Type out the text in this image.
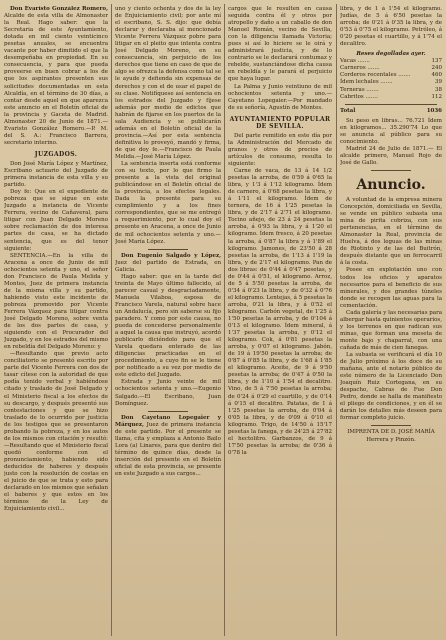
Don Evaristo González Romero, Alcalde de esta villa de Almonaster la Real. Hago saber: que la Secretaria de este Ayuntamiento, dotada en mil ciento veinticinco pesetas anuales, se encuentra vacante por haber dimitido el que la desempeñaba en propiedad. En su consecuencia, y para que pueda proveerse en buen cobrar a los de que los aspirantes presenten sus solicitudes documentadas en esta Alcaldía, en el término de 30 días, a contar desde aquel en que aparezca este anuncio en el Boletín oficial de la provincia y Gaceta de Madrid. Almonaster 20 de Junio de 1871.— Evaristo González Romero.—P. M. del S. A.: Francisco Barrera, secretario interino.

JUZGADOS.

Don José María López y Martínez, Escribano actuario del Juzgado de primera instancia de esta villa y su partido.

Doy fe: Que en el expediente de pobreza que se sigue en este Juzgado a instancia de Vicente Ferrera, vecino de Cañaveral, para litigar con Juan Delgado Moreno sobre reclamación de dos interesa partes de casa, se ha dictado sentencia, que es del tenor siguiente:

SENTENCIA.—En la villa de Aracena a once de Junio de mil ochocientos setenta y uno, el señor don Francisco de Paula Melida y Montes, Juez de primera instancia de la misma villa y su partido, habiendo visto este incidente de pobreza promovido por Vicente Ferrera Vázquez para litigar contra José Delgado Moreno, sobre venta de los dos partes de casa, y siguiendo con el Procurador del Juzgado, y en los estrados del mismo en rebeldía del Delgado Moreno: y

—Resultando que previo acto conciliatorio se presentó escrito por parte del Vicente Ferrera con dos de tasar cítese con la autoridad de que podía tenido verbal y habiéndose citado y traslado de José Delgado y el Ministerio fiscal a los efectos de su descargo, y después presentó sus contestaciones y que se hizo traslado de lo ocurrido por justicia de los testigos que se presentaron probando la pobreza, y en los autos de los mismos con citación y resultó: —Resultando que el Ministerio fiscal quedó conforme con el pronunciamiento, habiendo sido deducidos de haberes y después justo con la resolución de costas en el juicio de que se trata y esto para declarado en los mismos que señalan el haberes y que estos en los términos de la Ley de Enjuiciamiento civil...

uno y ciento ochenta y dos de la ley de Enjuiciamiento civil; por ante mí el escribano, S. S. dijo: que debía declarar y declaraba al mencionado Vicente Ferrera Vázquez pobre para litigar en el pleito que intenta contra José Delgado Moreno, en su consecuencia, sin perjuicio de los derechos que tiene en caso de que de algo se ofrezca la defensa como tal se le ayude y defienda sin expensas de derechos y con el de usar el papel de su clase. Notifíquese así sentencia en los estrados del Juzgado y fíjese además por medio de edictos que habrán de fijarse en los puertos de la sala Audiencia y se publicarán además en el Boletín oficial de la provincia.—Así por esta sentencia definitiva lo proveyó, mandó y firma, de que doy fe.—Francisco de Paula Melida.—José María López.

La sentencia inserta está conforme con su texto, por lo que firmo la presente a la vista del original publicándose en el Boletín oficial de la provincia, a los efectos legales. Dada la presente para su cumplimiento y a los fines correspondientes, que se me entregó a requerimiento, por lo cual doy el presente en Aracena, a once de Junio de mil ochocientos setenta y uno.—José María López.

Don Eugenio Salgado y López, Juez del partido de Estrada, en Galicia.

Hago saber: que en la tarde del treinta de Mayo último fallecido, al parecer casual y desgraciadamente, Manuela Vilaboa, esposa de Francisco Varela, natural sobre hace un Andalucía, pero sin saberse su fijo paradero. Y como por este causa, no pueda de concederse personalmente a aquel la causa que instruyó, acordó publicarlo diciéndolo para que el Varela quedara enterado de las diligencias practicadas en el procedimiento, a cuyo fin se le tiene por notificado a su vez por medio de este edicto del Juzgado.

Estrada y Junio veinte de mil ochocientos setenta y uno.—Eugenio Salgado.—El Escribano, Juan Domínguez.

Don Cayetano Lopegaier y Márquez, Juez de primera instancia de este partido. Por el presente se llama, cita y emplaza a Antonio Bailo Lora (a) Linares, para que dentro del término de quince días, desde la inserción del presente en el Boletín oficial de esta provincia, se presente en este Juzgado a sus cargos...

cargos que le resulten en causa seguida contra él y otros por atropello y daño a un caballo de don Manuel Román, vecino de Sevilla, con la diligencia llamada Victoria; pues si así lo hiciere se le oirá y administrará justicia, y de lo contrario se le declarará contumaz y rebelde, sustanciándose dicha causa en rebeldía y le parará el perjuicio que haya lugar.

La Palma y Junio veintiuno de mil ochocientos setenta y uno.—Cayetano Lopegaier.—Por mandado de su señoría, Agustín de Montes.

AYUNTAMIENTO POPULAR DE SEVILLA.

Del parte remitido en este día por la Administración del Mercado de granos y otros de precios de artículos de consumo, resulta lo siguiente:

Carne de vaca, de 13 á 14 1/2 pesetas la arroba, de 0'59 á 0'65 la libra, y 1'3 á 1'12 kilogramo. Ídem de carnero, á 0'68 pesetas la libra, y á 1'11 el kilogramo. Ídem de ternera, de 16 á 1'25 pesetas la libra, y de 2'17 á 2'71 el kilogramo. Tocino añejo, de 23 á 24 pesetas la arroba, á 0'93 la libra, y á 1'20 el kilogramo. Ídem fresco, á 20 pesetas la arroba, á 0'87 la libra y á 1'89 el kilogramo. Jamones, de 23'50 á 28 pesetas la arroba, de 1'13 á 1'19 la libra, y de 2'17 el kilogramo. Pan de dos libras: de 0'44 á 0'47 pesetas, y de 0'44 á 0'51, el kilogramo. Arroz, de 5 á 5'50 pesetas la arroba, de 0'34 á 0'23 la libra, y de 0'32 á 0'76 el kilogramo. Lentejas, á 5 pesetas la arroba, 0'21 la libra, y á 0'52 el kilogramo. Carbón vegetal, de 1'25 á 1'50 pesetas la arroba, y de 0'104 á 0'13 el kilogramo. Ídem mineral, á 1'37 pesetas la arroba, y 0'12 el kilogramo. Cok, á 0'81 pesetas la arroba, y 0'07 el kilogramo. Jabón, de 19 á 19'50 pesetas la arroba; de 0'87 á 0'85 la libra, y de 1'68 á 1'85 el kilogramo. Aceite, de 9 á 9'50 pesetas la arroba; de 0'47 á 0'50 la libra, y de 1'10 á 1'54 el decalitro. Vino, de 5 á 7'50 pesetas la arroba; de 0'24 á 0'29 el cuartillo, y de 0'14 á 0'15 el decalitro. Patatas, de 1 á 1'25 pesetas la arroba, de 0'04 á 0'05 la libra, y de 0'09 á 0'10 el kilogramo. Trigo, de 14'50 á 15'17 pesetas la fanega, y de 24'25 á 27'82 el hectolitro. Garbanzos, de 9 á 17'50 pesetas la arroba; de 0'36 á 0'78 la

libra, y de 1 á 1'54 el kilogramo. Judías, de 5 á 6'50 pesetas la arroba; de 0'21 á 0'35 la libra, y de 0'53 á 0'75 el kilogramo. Petróleo, á 0'20 pesetas el cuartillo, y á 1'74 el decalitro.

Reses degolladas ayer.
Vacas .......	137
Carneros .......	240
Corderos recentales .......	460
Ídem lechales .......	39
Terneras .......	38
Cabritos .......	112
Total	1036

Su peso en libras... 76.721 Ídem en kilogramos... 35.290'74 Lo que se anuncia al público para su conocimiento.

Madrid 24 de Julio de 1871.— El alcalde primero, Manuel Rojo de José de Gallo.

Anuncio.

A voluntad de la empresa minera Concepción, domiciliada en Sevilla, se vende en público subasta una mina de pirita cobriza, con sus pertenencias, en el término de Almonaster la Real, provincia de Huelva, á dos leguas de las minas de Riotinto y de las del Buitrón, después distante que un ferrocarril á la costa.

Posee en explotación uno con todos los oficios y aparatos necesarios para el beneficio de sus minerales, y dos grandes túneles donde se recogen las aguas para la cementación.

Cada galería y las necesarias para albergar hasta quinientos operarios, y los terrenos en que radican sus minas, que forman una meseta de monte bajo y chaparral, con una cañada de más de cien fanegas.

La subasta se verificará el día 10 de Julio próximo á los doce de su mañana, ante el notario público de este número de la Licenciado Don Joaquín Ruiz Cortegana, en su despacho, Cabras de Fue Don Pedro, donde se halla de manifiesto el pliego de condiciones, y en él se darán los detalles más deseen para formar completo juicio.

IMPRENTA DE D. JOSÉ MARÍA Herrera y Pinzón.
